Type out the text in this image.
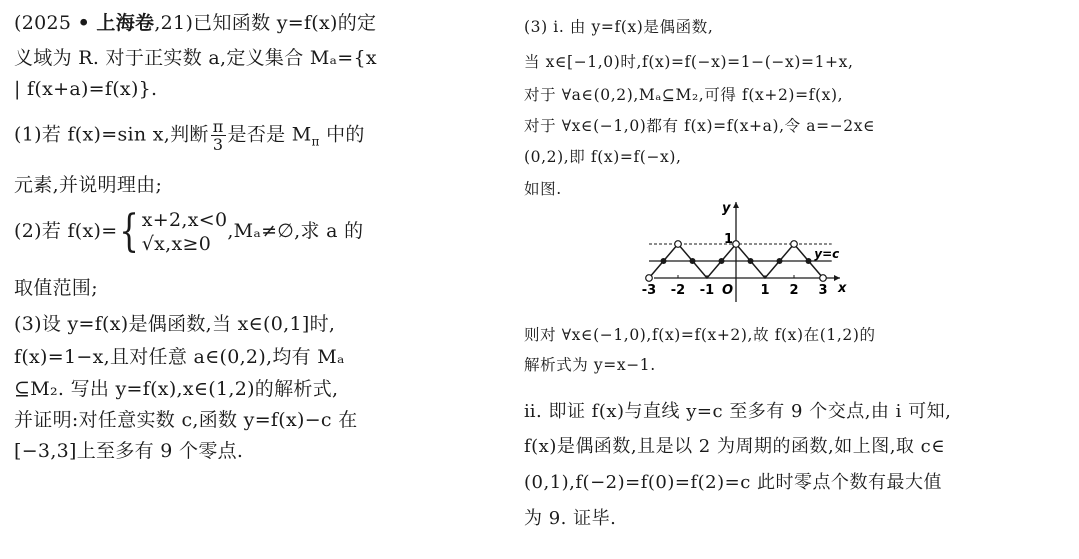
(2025 • 上海卷,21)已知函数 y=f(x)的定
义域为 R. 对于正实数 a,定义集合 Mₐ={x
| f(x+a)=f(x)}.
(1)若 f(x)=sin x,判断 $\frac{\pi}{3}$ 是否是 $M_\pi$ 中的
元素,并说明理由;
(2)若 f(x)={ x+2,x<0
√x,x≥0
,Mₐ≠∅,求 a 的
取值范围;
(3)设 y=f(x)是偶函数,当 x∈(0,1]时,
f(x)=1−x,且对任意 a∈(0,2),均有 Mₐ
⊆M₂. 写出 y=f(x),x∈(1,2)的解析式,
并证明:对任意实数 c,函数 y=f(x)−c 在
[−3,3]上至多有 9 个零点.
(3) ⅰ. 由 y=f(x)是偶函数,
当 x∈[−1,0)时,f(x)=f(−x)=1−(−x)=1+x,
对于 ∀a∈(0,2),Mₐ⊆M₂,可得 f(x+2)=f(x),
对于 ∀x∈(−1,0)都有 f(x)=f(x+a),令 a=−2x∈
(0,2),即 f(x)=f(−x),
如图.
则对 ∀x∈(−1,0),f(x)=f(x+2),故 f(x)在(1,2)的
解析式为 y=x−1.
ⅱ. 即证 f(x)与直线 y=c 至多有 9 个交点,由 ⅰ 可知,
f(x)是偶函数,且是以 2 为周期的函数,如上图,取 c∈
(0,1),f(−2)=f(0)=f(2)=c 此时零点个数有最大值
为 9. 证毕.
-3 -2 -1	1 2 3
y
x
O
1
y=c
